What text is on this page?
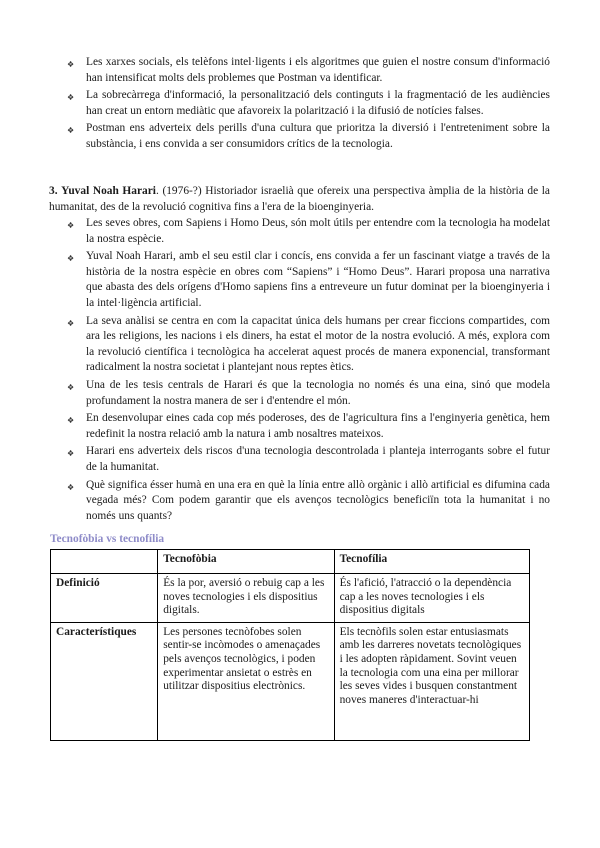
❖ Les xarxes socials, els telèfons intel·ligents i els algoritmes que guien el nostre consum d'informació han intensificat molts dels problemes que Postman va identificar.
❖ La sobrecàrrega d'informació, la personalització dels continguts i la fragmentació de les audiències han creat un entorn mediàtic que afavoreix la polarització i la difusió de notícies falses.
❖ Postman ens adverteix dels perills d'una cultura que prioritza la diversió i l'entreteniment sobre la substància, i ens convida a ser consumidors crítics de la tecnologia.
3. Yuval Noah Harari. (1976-?) Historiador israelià que ofereix una perspectiva àmplia de la història de la humanitat, des de la revolució cognitiva fins a l'era de la bioenginyeria.
❖ Les seves obres, com Sapiens i Homo Deus, són molt útils per entendre com la tecnologia ha modelat la nostra espècie.
❖ Yuval Noah Harari, amb el seu estil clar i concís, ens convida a fer un fascinant viatge a través de la història de la nostra espècie en obres com “Sapiens” i “Homo Deus”. Harari proposa una narrativa que abasta des dels orígens d'Homo sapiens fins a entreveure un futur dominat per la bioenginyeria i la intel·ligència artificial.
❖ La seva anàlisi se centra en com la capacitat única dels humans per crear ficcions compartides, com ara les religions, les nacions i els diners, ha estat el motor de la nostra evolució. A més, explora com la revolució científica i tecnològica ha accelerat aquest procés de manera exponencial, transformant radicalment la nostra societat i plantejant nous reptes ètics.
❖ Una de les tesis centrals de Harari és que la tecnologia no només és una eina, sinó que modela profundament la nostra manera de ser i d'entendre el món.
❖ En desenvolupar eines cada cop més poderoses, des de l'agricultura fins a l'enginyeria genètica, hem redefinit la nostra relació amb la natura i amb nosaltres mateixos.
❖ Harari ens adverteix dels riscos d'una tecnologia descontrolada i planteja interrogants sobre el futur de la humanitat.
❖ Què significa ésser humà en una era en què la línia entre allò orgànic i allò artificial es difumina cada vegada més? Com podem garantir que els avenços tecnològics beneficiïn tota la humanitat i no només uns quants?
Tecnofòbia vs tecnofília
	Tecnofòbia	Tecnofília
Definició	És la por, aversió o rebuig cap a les noves tecnologies i els dispositius digitals.	És l'afició, l'atracció o la dependència cap a les noves tecnologies i els dispositius digitals
Característiques	Les persones tecnòfobes solen sentir-se incòmodes o amenaçades pels avenços tecnològics, i poden experimentar ansietat o estrès en utilitzar dispositius electrònics.	Els tecnòfils solen estar entusiasmats amb les darreres novetats tecnològiques i les adopten ràpidament. Sovint veuen la tecnologia com una eina per millorar les seves vides i busquen constantment noves maneres d'interactuar-hi
